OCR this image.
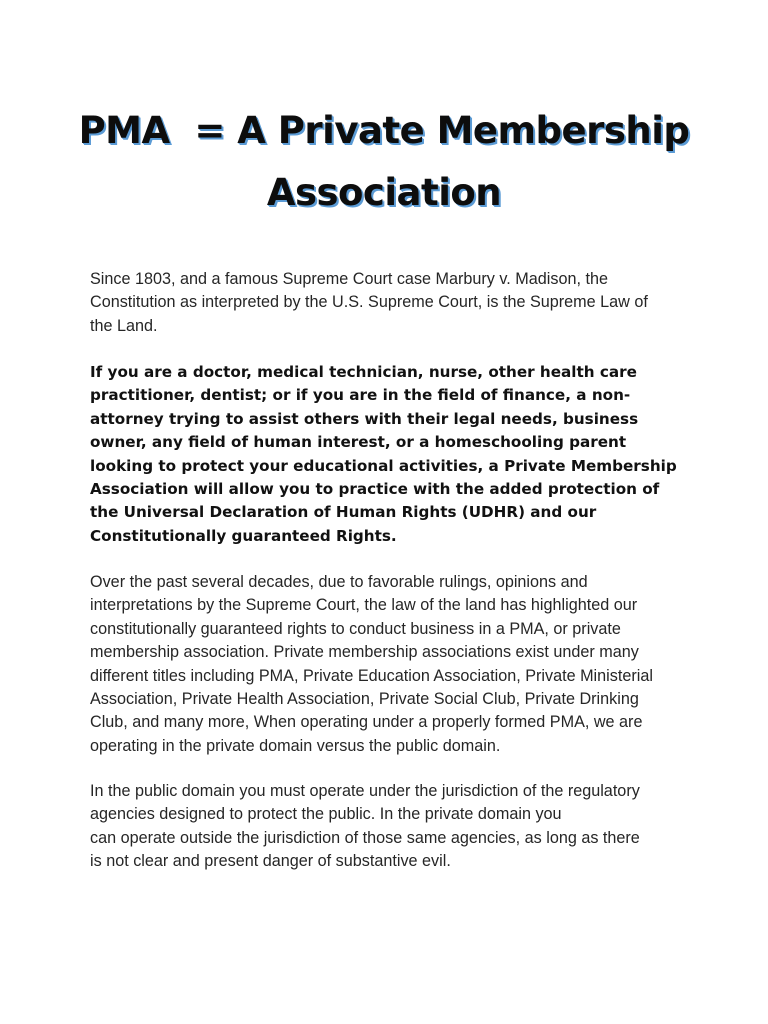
PMA  = A Private Membership
Association

Since 1803, and a famous Supreme Court case Marbury v. Madison, the
Constitution as interpreted by the U.S. Supreme Court, is the Supreme Law of
the Land.

If you are a doctor, medical technician, nurse, other health care
practitioner, dentist; or if you are in the field of finance, a non-
attorney trying to assist others with their legal needs, business
owner, any field of human interest, or a homeschooling parent
looking to protect your educational activities, a Private Membership
Association will allow you to practice with the added protection of
the Universal Declaration of Human Rights (UDHR) and our
Constitutionally guaranteed Rights.

Over the past several decades, due to favorable rulings, opinions and
interpretations by the Supreme Court, the law of the land has highlighted our
constitutionally guaranteed rights to conduct business in a PMA, or private
membership association. Private membership associations exist under many
different titles including PMA, Private Education Association, Private Ministerial
Association, Private Health Association, Private Social Club, Private Drinking
Club, and many more, When operating under a properly formed PMA, we are
operating in the private domain versus the public domain.

In the public domain you must operate under the jurisdiction of the regulatory
agencies designed to protect the public. In the private domain you
can operate outside the jurisdiction of those same agencies, as long as there
is not clear and present danger of substantive evil.
